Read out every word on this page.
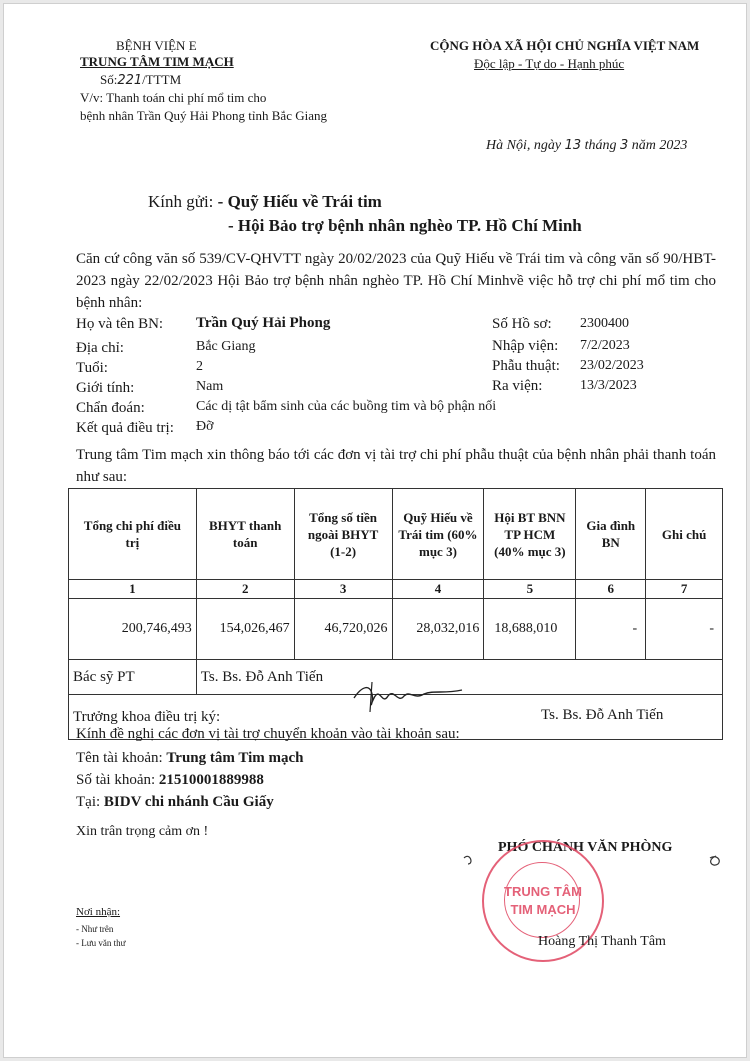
BỆNH VIỆN E
TRUNG TÂM TIM MẠCH
Số:221/TTTM
V/v: Thanh toán chi phí mổ tim cho
bệnh nhân Trần Quý Hải Phong tỉnh Bắc Giang
CỘNG HÒA XÃ HỘI CHỦ NGHĨA VIỆT NAM
Độc lập - Tự do - Hạnh phúc
Hà Nội, ngày 13 tháng 3 năm 2023
Kính gửi: - Quỹ Hiếu về Trái tim
- Hội Bảo trợ bệnh nhân nghèo TP. Hồ Chí Minh
Căn cứ công văn số 539/CV-QHVTT ngày 20/02/2023 của Quỹ Hiếu về Trái tim và công văn số 90/HBT-2023 ngày 22/02/2023 Hội Bảo trợ bệnh nhân nghèo TP. Hồ Chí Minhvề việc hỗ trợ chi phí mổ tim cho bệnh nhân:
Họ và tên BN: Trần Quý Hải Phong
Địa chỉ:	Bắc Giang
Tuổi:	2
Giới tính:	Nam
Chẩn đoán:	Các dị tật bẩm sinh của các buồng tim và bộ phận nối
Kết quả điều trị: Đỡ
Số Hồ sơ: 2300400
Nhập viện: 7/2/2023
Phẫu thuật: 23/02/2023
Ra viện:	13/3/2023
Trung tâm Tim mạch xin thông báo tới các đơn vị tài trợ chi phí phẫu thuật của bệnh nhân phải thanh toán như sau:
Tổng chi phí điều trị	BHYT thanh toán	Tổng số tiền ngoài BHYT (1-2)	Quỹ Hiếu về Trái tim (60% mục 3)	Hội BT BNN TP HCM (40% mục 3)	Gia đình BN	Ghi chú
1	2	3	4	5	6	7
200,746,493	154,026,467	46,720,026	28,032,016	18,688,010	-	-
Bác sỹ PT	Ts. Bs. Đỗ Anh Tiến					
Trưởng khoa điều trị ký: Ts. Bs. Đỗ Anh Tiến						
Kính đề nghị các đơn vị tài trợ chuyển khoản vào tài khoản sau:
Tên tài khoản: Trung tâm Tim mạch
Số tài khoản: 21510001889988
Tại: BIDV chi nhánh Cầu Giấy
Xin trân trọng cảm ơn !
PHÓ CHÁNH VĂN PHÒNG
TRUNG TÂM
TIM MẠCH
Hoàng Thị Thanh Tâm
Nơi nhận:
- Như trên
- Lưu văn thư
